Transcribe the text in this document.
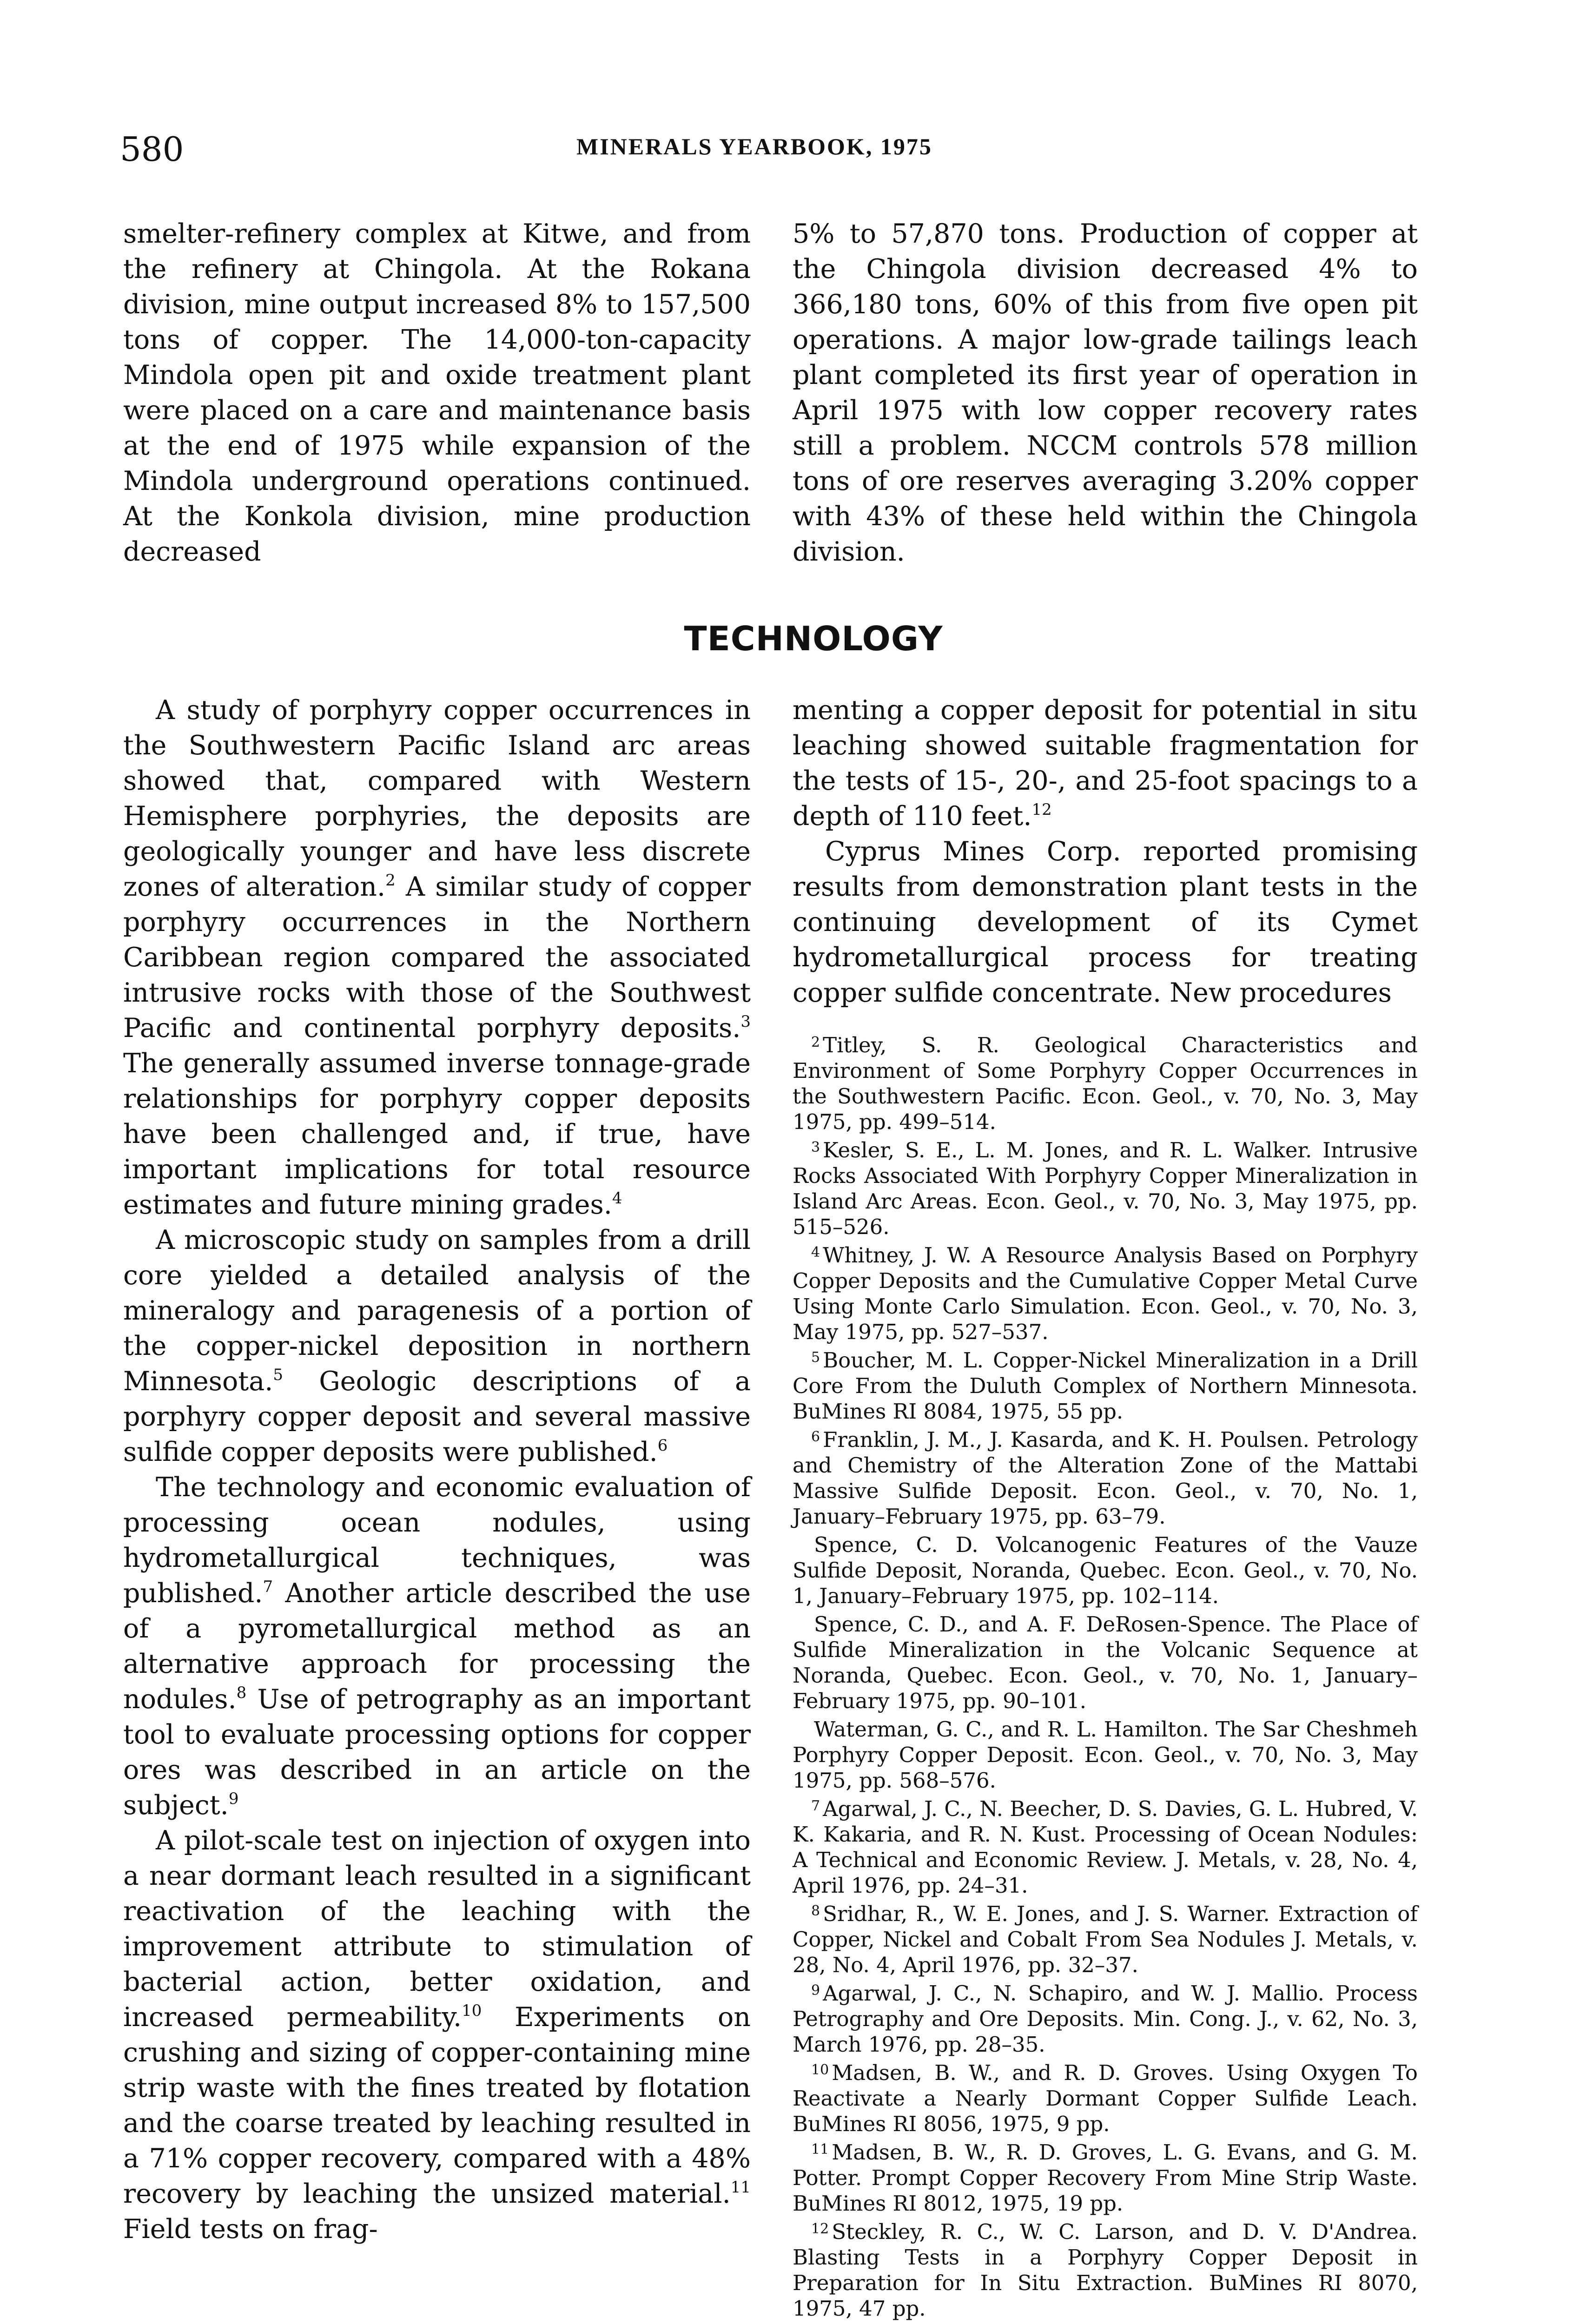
580	MINERALS YEARBOOK, 1975

smelter-refinery complex at Kitwe, and from the refinery at Chingola. At the Rokana division, mine output increased 8% to 157,500 tons of copper. The 14,000-ton-capacity Mindola open pit and oxide treatment plant were placed on a care and maintenance basis at the end of 1975 while expansion of the Mindola underground operations continued. At the Konkola division, mine production decreased

5% to 57,870 tons. Production of copper at the Chingola division decreased 4% to 366,180 tons, 60% of this from five open pit operations. A major low-grade tailings leach plant completed its first year of operation in April 1975 with low copper recovery rates still a problem. NCCM controls 578 million tons of ore reserves averaging 3.20% copper with 43% of these held within the Chingola division.

TECHNOLOGY

A study of porphyry copper occurrences in the Southwestern Pacific Island arc areas showed that, compared with Western Hemisphere porphyries, the deposits are geologically younger and have less discrete zones of alteration.$^2$ A similar study of copper porphyry occurrences in the Northern Caribbean region compared the associated intrusive rocks with those of the Southwest Pacific and continental porphyry deposits.$^3$ The generally assumed inverse tonnage-grade relationships for porphyry copper deposits have been challenged and, if true, have important implications for total resource estimates and future mining grades.$^4$

A microscopic study on samples from a drill core yielded a detailed analysis of the mineralogy and paragenesis of a portion of the copper-nickel deposition in northern Minnesota.$^5$ Geologic descriptions of a porphyry copper deposit and several massive sulfide copper deposits were published.$^6$

The technology and economic evaluation of processing ocean nodules, using hydrometallurgical techniques, was published.$^7$ Another article described the use of a pyrometallurgical method as an alternative approach for processing the nodules.$^8$ Use of petrography as an important tool to evaluate processing options for copper ores was described in an article on the subject.$^9$

A pilot-scale test on injection of oxygen into a near dormant leach resulted in a significant reactivation of the leaching with the improvement attribute to stimulation of bacterial action, better oxidation, and increased permeability.$^{10}$ Experiments on crushing and sizing of copper-containing mine strip waste with the fines treated by flotation and the coarse treated by leaching resulted in a 71% copper recovery, compared with a 48% recovery by leaching the unsized material.$^{11}$ Field tests on frag-

menting a copper deposit for potential in situ leaching showed suitable fragmentation for the tests of 15-, 20-, and 25-foot spacings to a depth of 110 feet.$^{12}$

Cyprus Mines Corp. reported promising results from demonstration plant tests in the continuing development of its Cymet hydrometallurgical process for treating copper sulfide concentrate. New procedures

$^2$ Titley, S. R. Geological Characteristics and Environment of Some Porphyry Copper Occurrences in the Southwestern Pacific. Econ. Geol., v. 70, No. 3, May 1975, pp. 499–514.
$^3$ Kesler, S. E., L. M. Jones, and R. L. Walker. Intrusive Rocks Associated With Porphyry Copper Mineralization in Island Arc Areas. Econ. Geol., v. 70, No. 3, May 1975, pp. 515–526.
$^4$ Whitney, J. W. A Resource Analysis Based on Porphyry Copper Deposits and the Cumulative Copper Metal Curve Using Monte Carlo Simulation. Econ. Geol., v. 70, No. 3, May 1975, pp. 527–537.
$^5$ Boucher, M. L. Copper-Nickel Mineralization in a Drill Core From the Duluth Complex of Northern Minnesota. BuMines RI 8084, 1975, 55 pp.
$^6$ Franklin, J. M., J. Kasarda, and K. H. Poulsen. Petrology and Chemistry of the Alteration Zone of the Mattabi Massive Sulfide Deposit. Econ. Geol., v. 70, No. 1, January–February 1975, pp. 63–79.
Spence, C. D. Volcanogenic Features of the Vauze Sulfide Deposit, Noranda, Quebec. Econ. Geol., v. 70, No. 1, January–February 1975, pp. 102–114.
Spence, C. D., and A. F. DeRosen-Spence. The Place of Sulfide Mineralization in the Volcanic Sequence at Noranda, Quebec. Econ. Geol., v. 70, No. 1, January–February 1975, pp. 90–101.
Waterman, G. C., and R. L. Hamilton. The Sar Cheshmeh Porphyry Copper Deposit. Econ. Geol., v. 70, No. 3, May 1975, pp. 568–576.
$^7$ Agarwal, J. C., N. Beecher, D. S. Davies, G. L. Hubred, V. K. Kakaria, and R. N. Kust. Processing of Ocean Nodules: A Technical and Economic Review. J. Metals, v. 28, No. 4, April 1976, pp. 24–31.
$^8$ Sridhar, R., W. E. Jones, and J. S. Warner. Extraction of Copper, Nickel and Cobalt From Sea Nodules J. Metals, v. 28, No. 4, April 1976, pp. 32–37.
$^9$ Agarwal, J. C., N. Schapiro, and W. J. Mallio. Process Petrography and Ore Deposits. Min. Cong. J., v. 62, No. 3, March 1976, pp. 28–35.
$^{10}$ Madsen, B. W., and R. D. Groves. Using Oxygen To Reactivate a Nearly Dormant Copper Sulfide Leach. BuMines RI 8056, 1975, 9 pp.
$^{11}$ Madsen, B. W., R. D. Groves, L. G. Evans, and G. M. Potter. Prompt Copper Recovery From Mine Strip Waste. BuMines RI 8012, 1975, 19 pp.
$^{12}$ Steckley, R. C., W. C. Larson, and D. V. D'Andrea. Blasting Tests in a Porphyry Copper Deposit in Preparation for In Situ Extraction. BuMines RI 8070, 1975, 47 pp.
